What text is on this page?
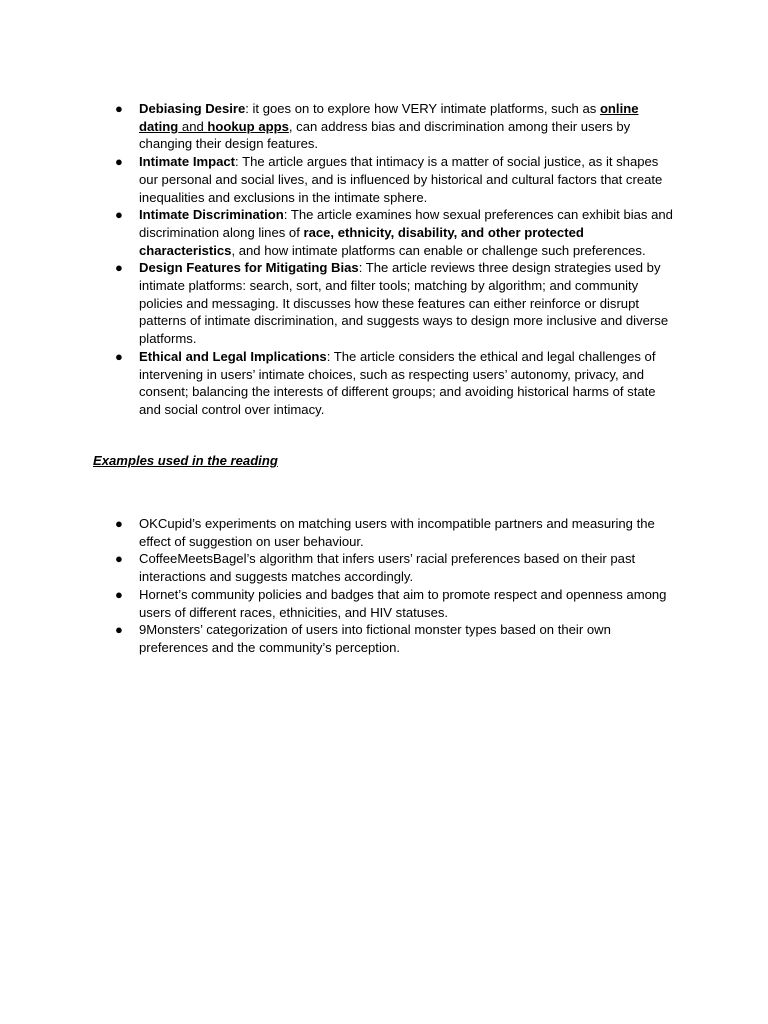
● Debiasing Desire: it goes on to explore how VERY intimate platforms, such as online dating and hookup apps, can address bias and discrimination among their users by changing their design features.
● Intimate Impact: The article argues that intimacy is a matter of social justice, as it shapes our personal and social lives, and is influenced by historical and cultural factors that create inequalities and exclusions in the intimate sphere.
● Intimate Discrimination: The article examines how sexual preferences can exhibit bias and discrimination along lines of race, ethnicity, disability, and other protected characteristics, and how intimate platforms can enable or challenge such preferences.
● Design Features for Mitigating Bias: The article reviews three design strategies used by intimate platforms: search, sort, and filter tools; matching by algorithm; and community policies and messaging. It discusses how these features can either reinforce or disrupt patterns of intimate discrimination, and suggests ways to design more inclusive and diverse platforms.
● Ethical and Legal Implications: The article considers the ethical and legal challenges of intervening in users’ intimate choices, such as respecting users’ autonomy, privacy, and consent; balancing the interests of different groups; and avoiding historical harms of state and social control over intimacy.
Examples used in the reading
● OKCupid’s experiments on matching users with incompatible partners and measuring the effect of suggestion on user behaviour.
● CoffeeMeetsBagel’s algorithm that infers users’ racial preferences based on their past interactions and suggests matches accordingly.
● Hornet’s community policies and badges that aim to promote respect and openness among users of different races, ethnicities, and HIV statuses.
● 9Monsters’ categorization of users into fictional monster types based on their own preferences and the community’s perception.
